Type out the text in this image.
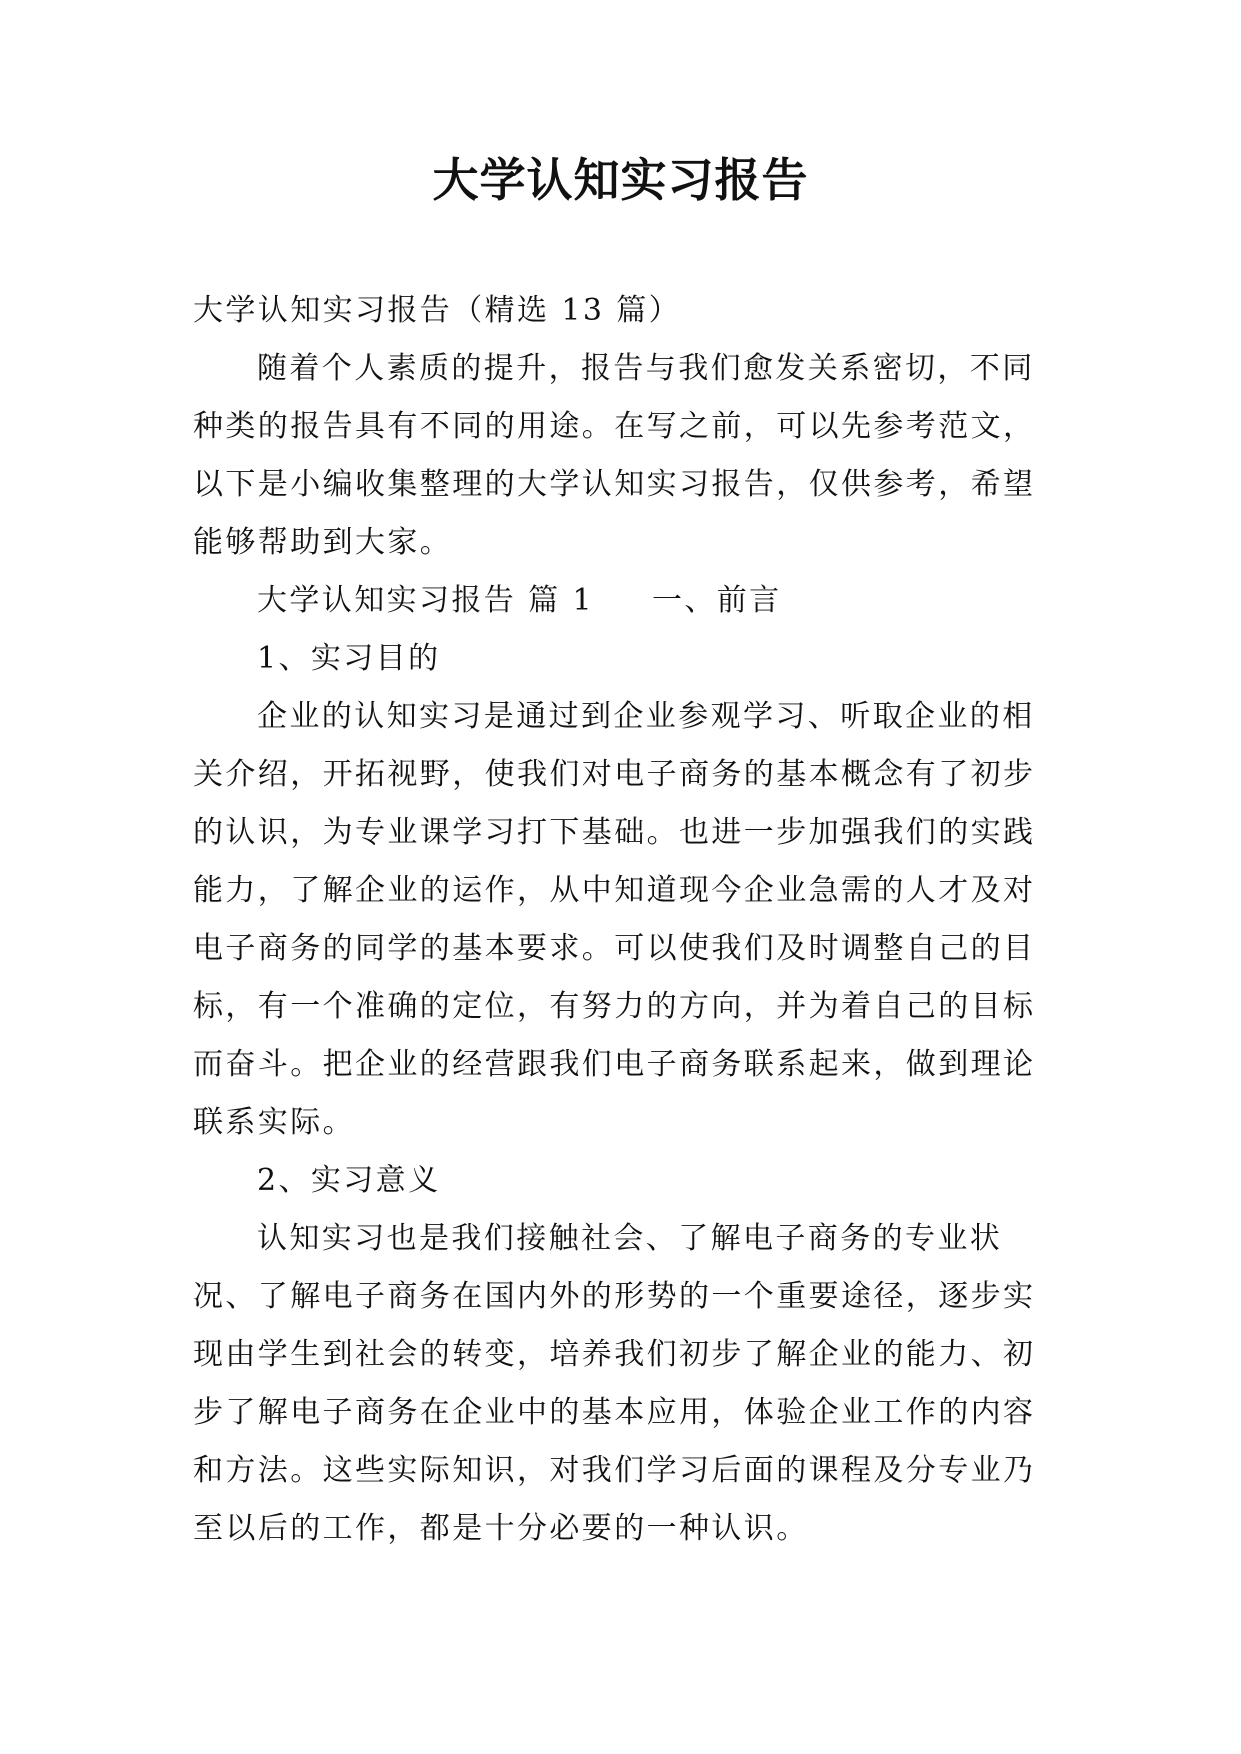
大学认知实习报告

大学认知实习报告（精选 13 篇）

随着个人素质的提升，报告与我们愈发关系密切，不同种类的报告具有不同的用途。在写之前，可以先参考范文，以下是小编收集整理的大学认知实习报告，仅供参考，希望能够帮助到大家。

大学认知实习报告 篇 1 一、前言

1、实习目的

企业的认知实习是通过到企业参观学习、听取企业的相关介绍，开拓视野，使我们对电子商务的基本概念有了初步的认识，为专业课学习打下基础。也进一步加强我们的实践能力，了解企业的运作，从中知道现今企业急需的人才及对电子商务的同学的基本要求。可以使我们及时调整自己的目标，有一个准确的定位，有努力的方向，并为着自己的目标而奋斗。把企业的经营跟我们电子商务联系起来，做到理论联系实际。

2、实习意义

认知实习也是我们接触社会、了解电子商务的专业状况、了解电子商务在国内外的形势的一个重要途径，逐步实现由学生到社会的转变，培养我们初步了解企业的能力、初步了解电子商务在企业中的基本应用，体验企业工作的内容和方法。这些实际知识，对我们学习后面的课程及分专业乃至以后的工作，都是十分必要的一种认识。
